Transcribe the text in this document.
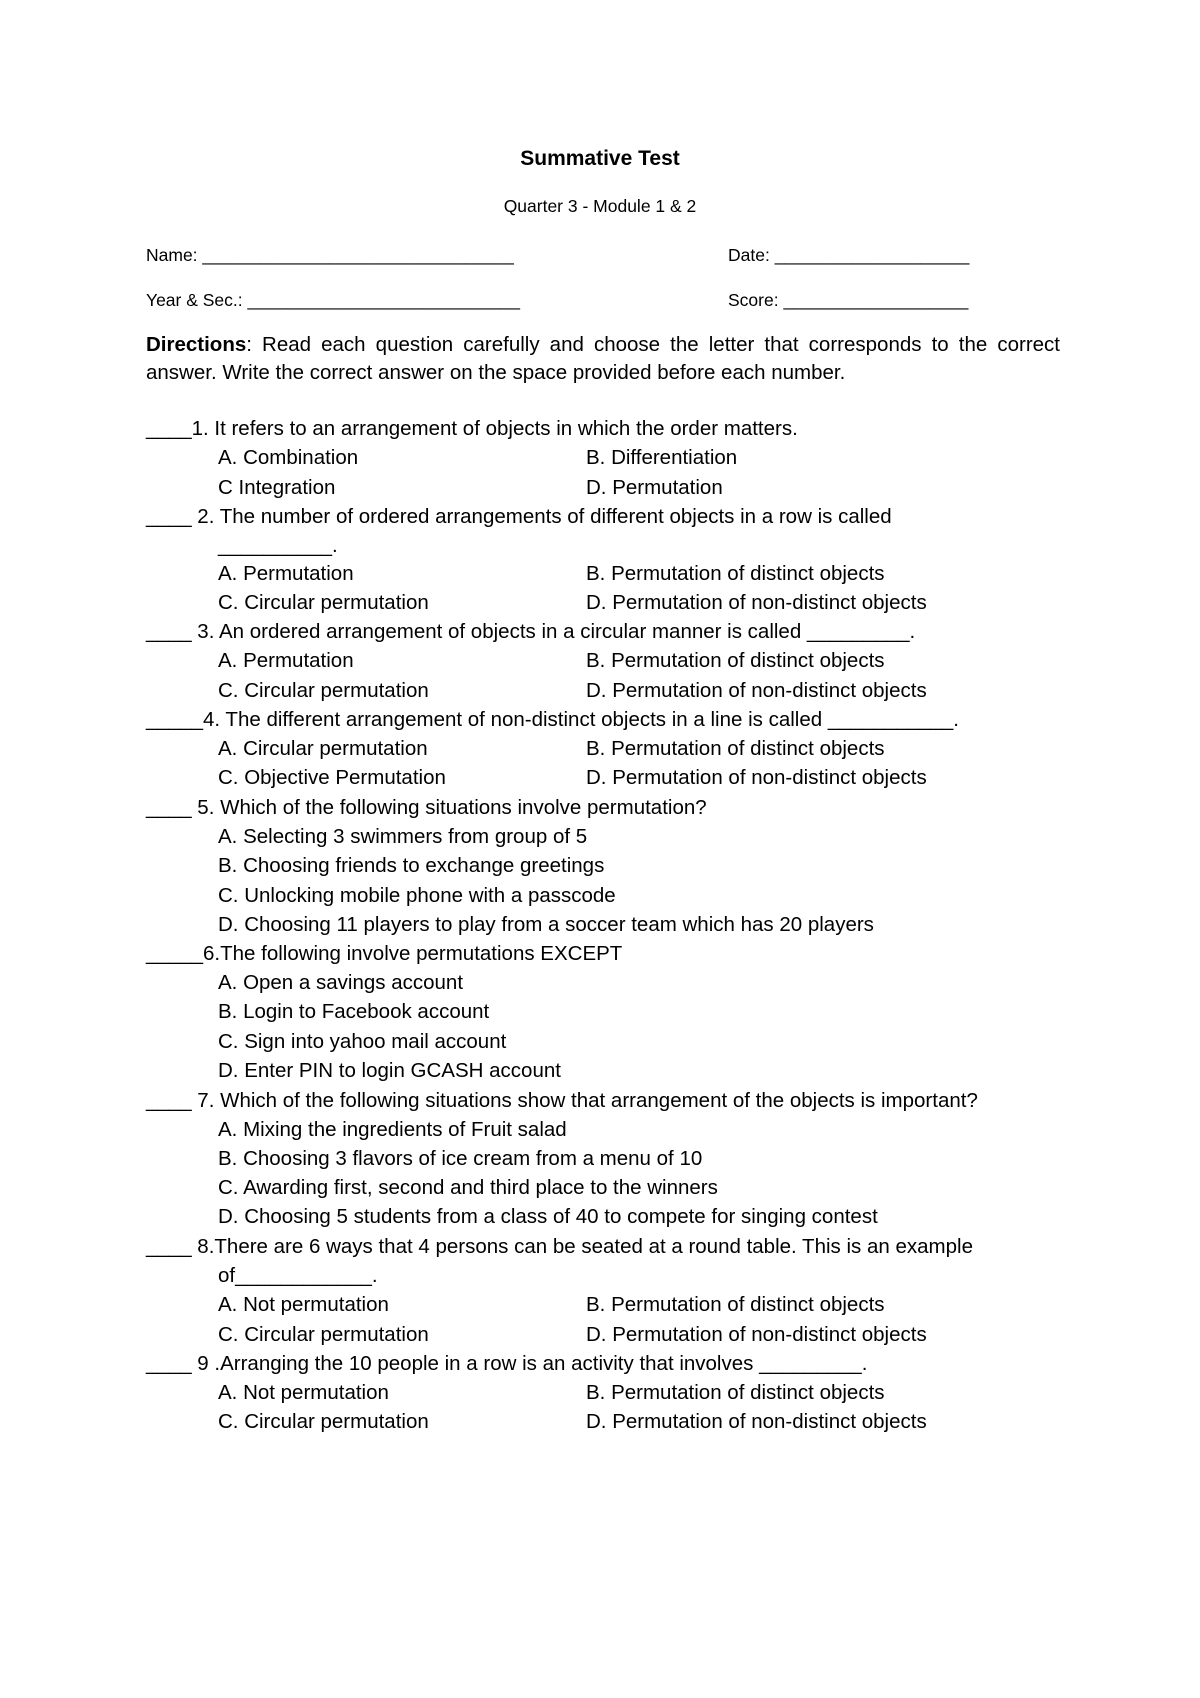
Summative Test
Quarter 3 - Module 1 & 2
Name: ________________________________	Date: ____________________
Year & Sec.: ____________________________	Score: ___________________
Directions: Read each question carefully and choose the letter that corresponds to the correct answer. Write the correct answer on the space provided before each number.
____1. It refers to an arrangement of objects in which the order matters.
A. Combination	B. Differentiation
C Integration	D. Permutation
____ 2. The number of ordered arrangements of different objects in a row is called
__________.
A. Permutation	B. Permutation of distinct objects
C. Circular permutation	D. Permutation of non-distinct objects
____ 3. An ordered arrangement of objects in a circular manner is called _________.
A. Permutation	B. Permutation of distinct objects
C. Circular permutation	D. Permutation of non-distinct objects
_____4. The different arrangement of non-distinct objects in a line is called ___________.
A. Circular permutation	B. Permutation of distinct objects
C. Objective Permutation	D. Permutation of non-distinct objects
____ 5. Which of the following situations involve permutation?
A. Selecting 3 swimmers from group of 5
B. Choosing friends to exchange greetings
C. Unlocking mobile phone with a passcode
D. Choosing 11 players to play from a soccer team which has 20 players
_____6.The following involve permutations EXCEPT
A. Open a savings account
B. Login to Facebook account
C. Sign into yahoo mail account
D. Enter PIN to login GCASH account
____ 7. Which of the following situations show that arrangement of the objects is important?
A. Mixing the ingredients of Fruit salad
B. Choosing 3 flavors of ice cream from a menu of 10
C. Awarding first, second and third place to the winners
D. Choosing 5 students from a class of 40 to compete for singing contest
____ 8.There are 6 ways that 4 persons can be seated at a round table. This is an example
of____________.
A. Not permutation	B. Permutation of distinct objects
C. Circular permutation	D. Permutation of non-distinct objects
____ 9 .Arranging the 10 people in a row is an activity that involves _________.
A. Not permutation	B. Permutation of distinct objects
C. Circular permutation	D. Permutation of non-distinct objects
